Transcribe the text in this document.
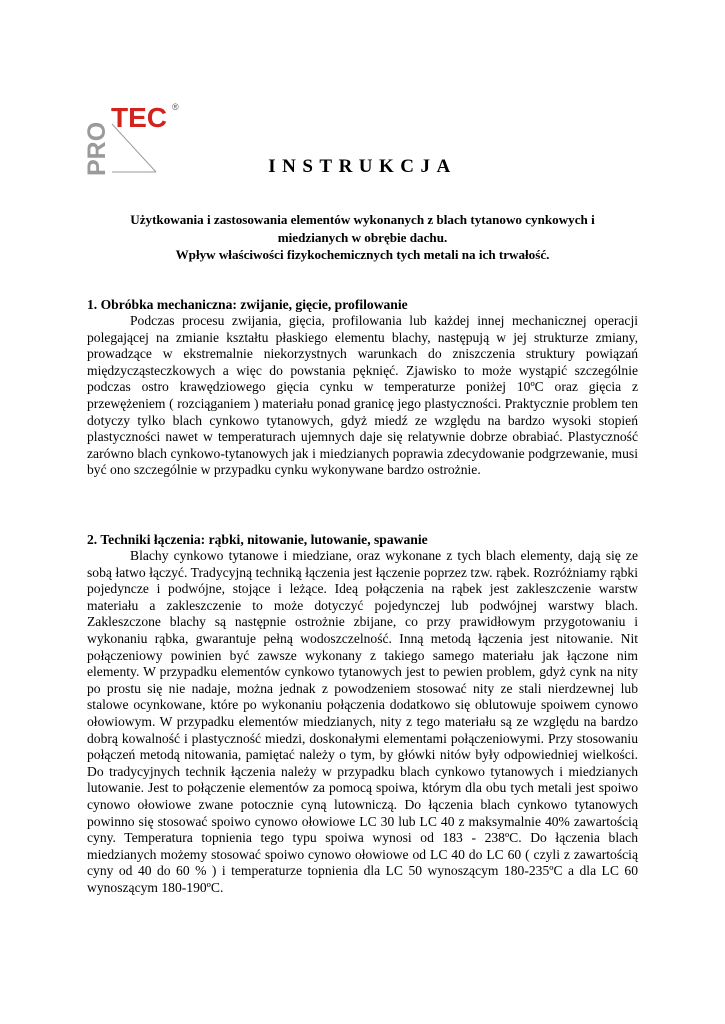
PRO
TEC ®
INSTRUKCJA
Użytkowania i zastosowania elementów wykonanych z blach tytanowo cynkowych i
miedzianych w obrębie dachu.
Wpływ właściwości fizykochemicznych tych metali na ich trwałość.

1. Obróbka mechaniczna: zwijanie, gięcie, profilowanie

Podczas procesu zwijania, gięcia, profilowania lub każdej innej mechanicznej operacji polegającej na zmianie kształtu płaskiego elementu blachy, następują w jej strukturze zmiany, prowadzące w ekstremalnie niekorzystnych warunkach do zniszczenia struktury powiązań międzycząsteczkowych a więc do powstania pęknięć. Zjawisko to może wystąpić szczególnie podczas ostro krawędziowego gięcia cynku w temperaturze poniżej 10ºC oraz gięcia z przewężeniem ( rozciąganiem ) materiału ponad granicę jego plastyczności. Praktycznie problem ten dotyczy tylko blach cynkowo tytanowych, gdyż miedź ze względu na bardzo wysoki stopień plastyczności nawet w temperaturach ujemnych daje się relatywnie dobrze obrabiać. Plastyczność zarówno blach cynkowo-tytanowych jak i miedzianych poprawia zdecydowanie podgrzewanie, musi być ono szczególnie w przypadku cynku wykonywane bardzo ostrożnie.

2. Techniki łączenia: rąbki, nitowanie, lutowanie, spawanie

Blachy cynkowo tytanowe i miedziane, oraz wykonane z tych blach elementy, dają się ze sobą łatwo łączyć. Tradycyjną techniką łączenia jest łączenie poprzez tzw. rąbek. Rozróżniamy rąbki pojedyncze i podwójne, stojące i leżące. Ideą połączenia na rąbek jest zakleszczenie warstw materiału a zakleszczenie to może dotyczyć pojedynczej lub podwójnej warstwy blach. Zakleszczone blachy są następnie ostrożnie zbijane, co przy prawidłowym przygotowaniu i wykonaniu rąbka, gwarantuje pełną wodoszczelność. Inną metodą łączenia jest nitowanie. Nit połączeniowy powinien być zawsze wykonany z takiego samego materiału jak łączone nim elementy. W przypadku elementów cynkowo tytanowych jest to pewien problem, gdyż cynk na nity po prostu się nie nadaje, można jednak z powodzeniem stosować nity ze stali nierdzewnej lub stalowe ocynkowane, które po wykonaniu połączenia dodatkowo się oblutowuje spoiwem cynowo ołowiowym. W przypadku elementów miedzianych, nity z tego materiału są ze względu na bardzo dobrą kowalność i plastyczność miedzi, doskonałymi elementami połączeniowymi. Przy stosowaniu połączeń metodą nitowania, pamiętać należy o tym, by główki nitów były odpowiedniej wielkości. Do tradycyjnych technik łączenia należy w przypadku blach cynkowo tytanowych i miedzianych lutowanie. Jest to połączenie elementów za pomocą spoiwa, którym dla obu tych metali jest spoiwo cynowo ołowiowe zwane potocznie cyną lutowniczą. Do łączenia blach cynkowo tytanowych powinno się stosować spoiwo cynowo ołowiowe LC 30 lub LC 40 z maksymalnie 40% zawartością cyny. Temperatura topnienia tego typu spoiwa wynosi od 183 - 238ºC. Do łączenia blach miedzianych możemy stosować spoiwo cynowo ołowiowe od LC 40 do LC 60 ( czyli z zawartością cyny od 40 do 60 % ) i temperaturze topnienia dla LC 50 wynoszącym 180-235ºC a dla LC 60 wynoszącym 180-190ºC.
